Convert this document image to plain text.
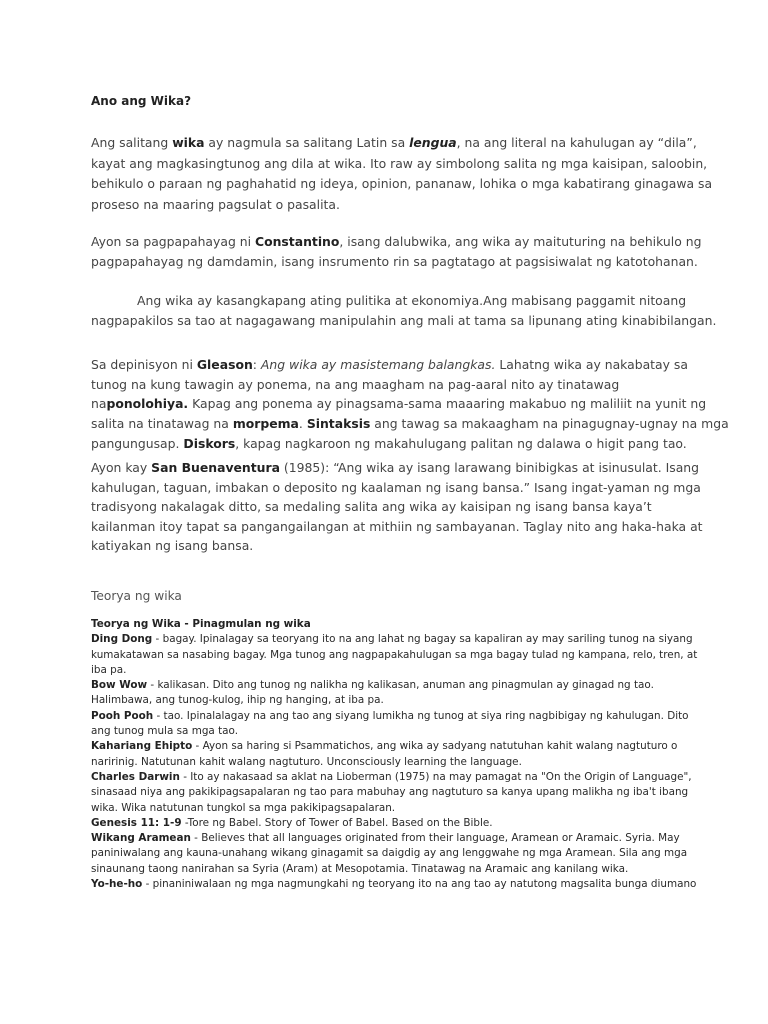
Ano ang Wika?
Ang salitang wika ay nagmula sa salitang Latin sa lengua, na ang literal na kahulugan ay “dila”,
kayat ang magkasingtunog ang dila at wika. Ito raw ay simbolong salita ng mga kaisipan, saloobin,
behikulo o paraan ng paghahatid ng ideya, opinion, pananaw, lohika o mga kabatirang ginagawa sa
proseso na maaring pagsulat o pasalita.
Ayon sa pagpapahayag ni Constantino, isang dalubwika, ang wika ay maituturing na behikulo ng
pagpapahayag ng damdamin, isang insrumento rin sa pagtatago at pagsisiwalat ng katotohanan.
Ang wika ay kasangkapang ating pulitika at ekonomiya.Ang mabisang paggamit nitoang
nagpapakilos sa tao at nagagawang manipulahin ang mali at tama sa lipunang ating kinabibilangan.
Sa depinisyon ni Gleason: Ang wika ay masistemang balangkas. Lahatng wika ay nakabatay sa
tunog na kung tawagin ay ponema, na ang maagham na pag-aaral nito ay tinatawag
naponolohiya. Kapag ang ponema ay pinagsama-sama maaaring makabuo ng maliliit na yunit ng
salita na tinatawag na morpema. Sintaksis ang tawag sa makaagham na pinagugnay-ugnay na mga
pangungusap. Diskors, kapag nagkaroon ng makahulugang palitan ng dalawa o higit pang tao.
Ayon kay San Buenaventura (1985): “Ang wika ay isang larawang binibigkas at isinusulat. Isang
kahulugan, taguan, imbakan o deposito ng kaalaman ng isang bansa.” Isang ingat-yaman ng mga
tradisyong nakalagak ditto, sa medaling salita ang wika ay kaisipan ng isang bansa kaya’t
kailanman itoy tapat sa pangangailangan at mithiin ng sambayanan. Taglay nito ang haka-haka at
katiyakan ng isang bansa.
Teorya ng wika
Teorya ng Wika - Pinagmulan ng wika
Ding Dong - bagay. Ipinalagay sa teoryang ito na ang lahat ng bagay sa kapaliran ay may sariling tunog na siyang
kumakatawan sa nasabing bagay. Mga tunog ang nagpapakahulugan sa mga bagay tulad ng kampana, relo, tren, at
iba pa.
Bow Wow - kalikasan. Dito ang tunog ng nalikha ng kalikasan, anuman ang pinagmulan ay ginagad ng tao.
Halimbawa, ang tunog-kulog, ihip ng hanging, at iba pa.
Pooh Pooh - tao. Ipinalalagay na ang tao ang siyang lumikha ng tunog at siya ring nagbibigay ng kahulugan. Dito
ang tunog mula sa mga tao.
Kahariang Ehipto - Ayon sa haring si Psammatichos, ang wika ay sadyang natutuhan kahit walang nagtuturo o
naririnig. Natutunan kahit walang nagtuturo. Unconsciously learning the language.
Charles Darwin - Ito ay nakasaad sa aklat na Lioberman (1975) na may pamagat na "On the Origin of Language",
sinasaad niya ang pakikipagsapalaran ng tao para mabuhay ang nagtuturo sa kanya upang malikha ng iba't ibang
wika. Wika natutunan tungkol sa mga pakikipagsapalaran.
Genesis 11: 1-9 -Tore ng Babel. Story of Tower of Babel. Based on the Bible.
Wikang Aramean - Believes that all languages originated from their language, Aramean or Aramaic. Syria. May
paniniwalang ang kauna-unahang wikang ginagamit sa daigdig ay ang lenggwahe ng mga Aramean. Sila ang mga
sinaunang taong nanirahan sa Syria (Aram) at Mesopotamia. Tinatawag na Aramaic ang kanilang wika.
Yo-he-ho - pinaniniwalaan ng mga nagmungkahi ng teoryang ito na ang tao ay natutong magsalita bunga diumano
